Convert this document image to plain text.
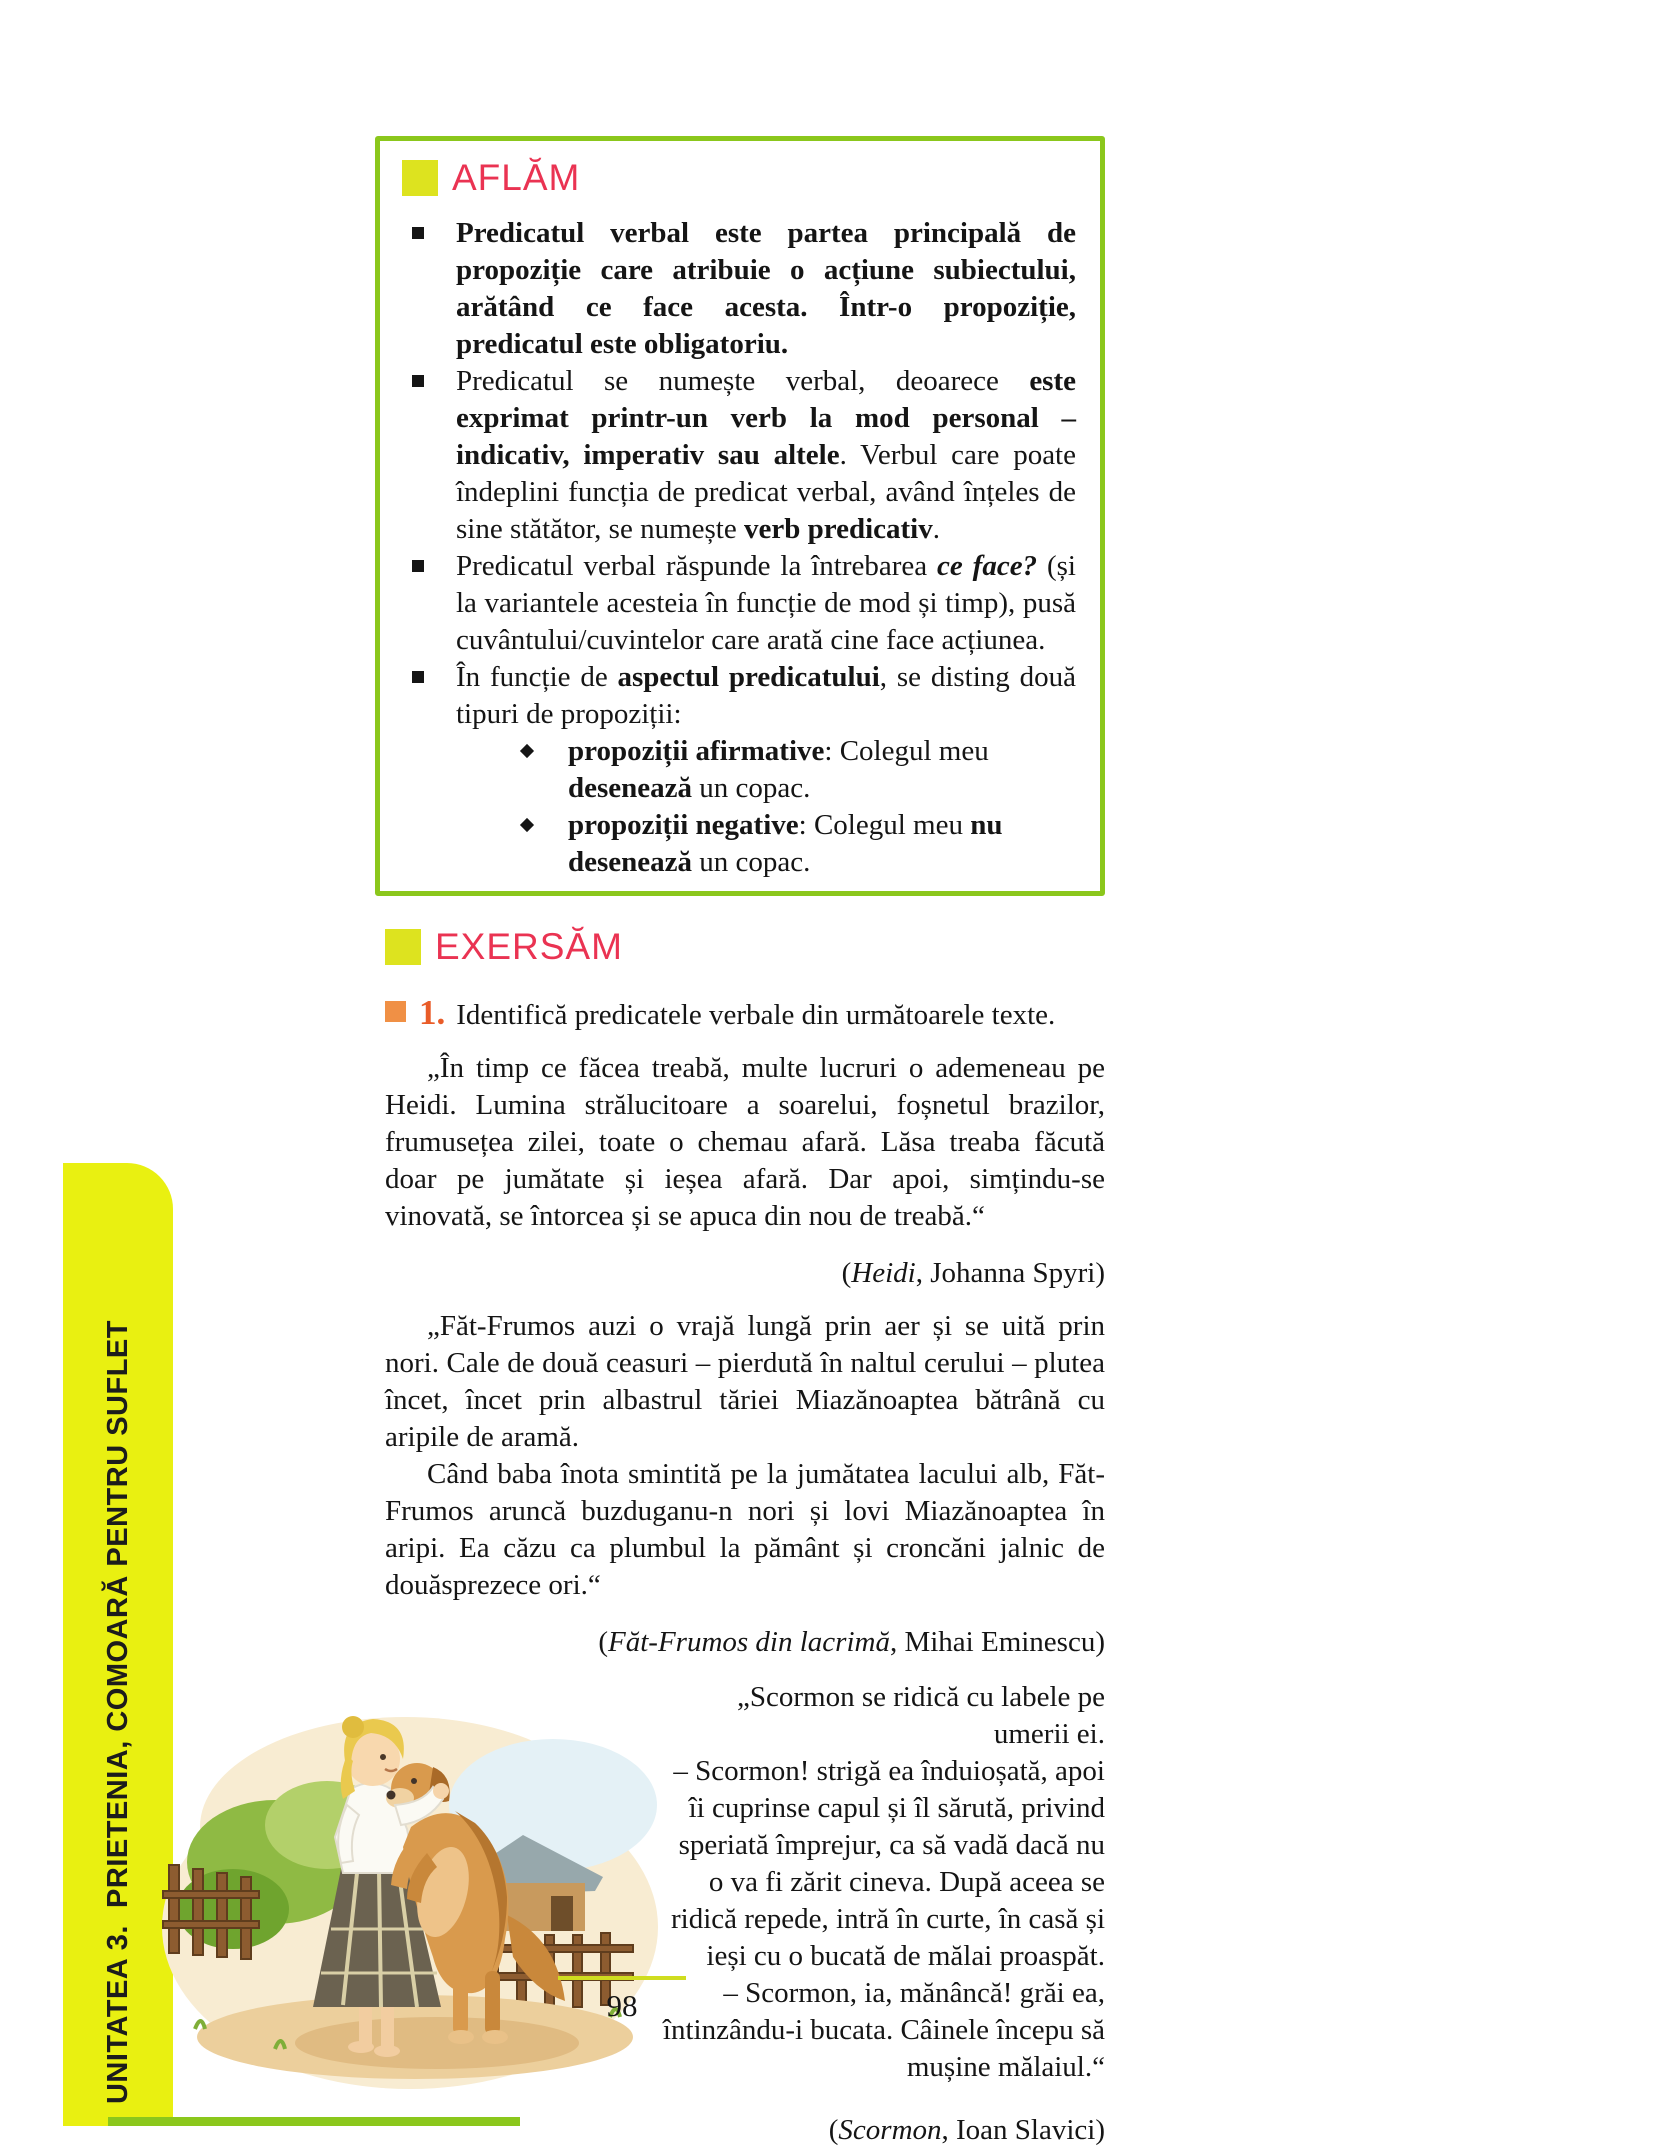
UNITATEA 3.  PRIETENIA, COMOARĂ PENTRU SUFLET
AFLĂM
Predicatul verbal este partea principală de propoziție care atribuie o acțiune subiectului, arătând ce face acesta. Într-o propoziție, predicatul este obligatoriu.
Predicatul se numește verbal, deoarece este exprimat printr-un verb la mod personal – indicativ, imperativ sau altele. Verbul care poate îndeplini funcția de predicat verbal, având înțeles de sine stătător, se numește verb predicativ.
Predicatul verbal răspunde la întrebarea ce face? (și la variantele acesteia în funcție de mod și timp), pusă cuvântului/cuvintelor care arată cine face acțiunea.
În funcție de aspectul predicatului, se disting două tipuri de propoziții:
propoziții afirmative: Colegul meu desenează un copac.
propoziții negative: Colegul meu nu desenează un copac.
EXERSĂM
1. Identifică predicatele verbale din următoarele texte.

„În timp ce făcea treabă, multe lucruri o ademeneau pe Heidi. Lumina strălucitoare a soarelui, foșnetul brazilor, frumusețea zilei, toate o chemau afară. Lăsa treaba făcută doar pe jumătate și ieșea afară. Dar apoi, simțindu-se vinovată, se întorcea și se apuca din nou de treabă.“

(Heidi, Johanna Spyri)

„Făt-Frumos auzi o vrajă lungă prin aer și se uită prin nori. Cale de două ceasuri – pierdută în naltul cerului – plutea încet, încet prin albastrul tăriei Miazănoaptea bătrână cu aripile de aramă.

Când baba înota smintită pe la jumătatea lacului alb, Făt-Frumos aruncă buzduganu-n nori și lovi Miazănoaptea în aripi. Ea căzu ca plumbul la pământ și croncăni jalnic de douăsprezece ori.“

(Făt-Frumos din lacrimă, Mihai Eminescu)

„Scormon se ridică cu labele pe umerii ei.

– Scormon! strigă ea înduioșată, apoi îi cuprinse capul și îl sărută, privind speriată împrejur, ca să vadă dacă nu o va fi zărit cineva. După aceea se ridică repede, intră în curte, în casă și ieși cu o bucată de mălai proaspăt.

– Scormon, ia, mănâncă! grăi ea, întinzându-i bucata. Câinele începu să mușine mălaiul.“

(Scormon, Ioan Slavici)

98
